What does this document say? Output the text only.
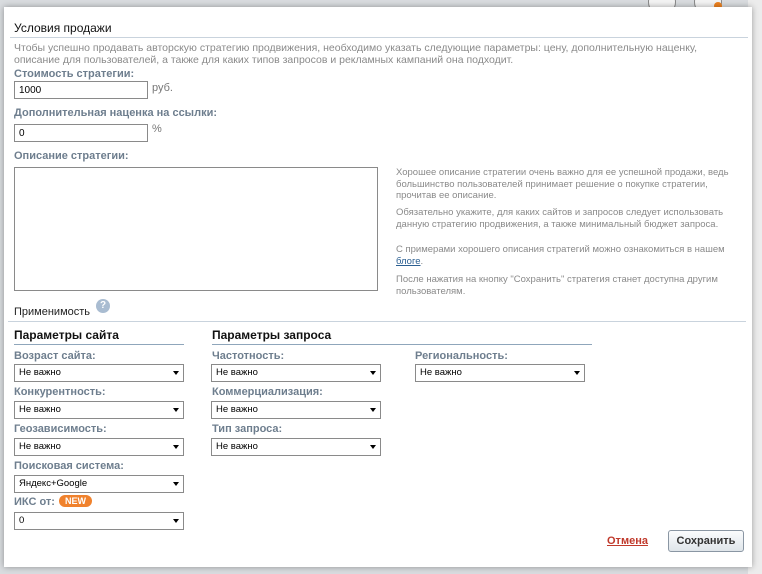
Условия продажи
Чтобы успешно продавать авторскую стратегию продвижения, необходимо указать следующие параметры: цену, дополнительную наценку, описание для пользователей, а также для каких типов запросов и рекламных кампаний она подходит.
Стоимость стратегии:
1000
руб.
Дополнительная наценка на ссылки:
0
%
Описание стратегии:
Хорошее описание стратегии очень важно для ее успешной продажи, ведь большинство пользователей принимает решение о покупке стратегии, прочитав ее описание.
Обязательно укажите, для каких сайтов и запросов следует использовать данную стратегию продвижения, а также минимальный бюджет запроса.
С примерами хорошего описания стратегий можно ознакомиться в нашем блоге.
После нажатия на кнопку "Сохранить" стратегия станет доступна другим пользователям.
Применимость
?
Параметры сайта
Возраст сайта:
Не важно
Конкурентность:
Не важно
Геозависимость:
Не важно
Поисковая система:
Яндекс+Google
ИКС от: NEW
0
Параметры запроса
Частотность:
Не важно
Коммерциализация:
Не важно
Тип запроса:
Не важно
Региональность:
Не важно
Отмена	Сохранить
